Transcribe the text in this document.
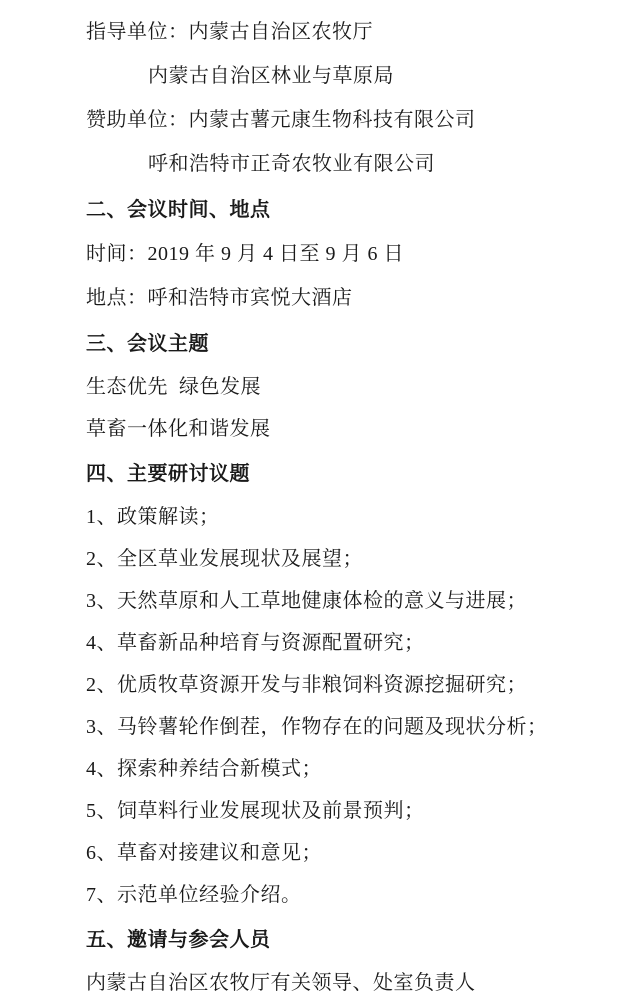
指导单位：内蒙古自治区农牧厅
内蒙古自治区林业与草原局
赞助单位：内蒙古薯元康生物科技有限公司
呼和浩特市正奇农牧业有限公司
二、会议时间、地点
时间：2019 年 9 月 4 日至 9 月 6 日
地点：呼和浩特市宾悦大酒店
三、会议主题
生态优先  绿色发展
草畜一体化和谐发展
四、主要研讨议题
1、政策解读；
2、全区草业发展现状及展望；
3、天然草原和人工草地健康体检的意义与进展；
4、草畜新品种培育与资源配置研究；
2、优质牧草资源开发与非粮饲料资源挖掘研究；
3、马铃薯轮作倒茬，作物存在的问题及现状分析；
4、探索种养结合新模式；
5、饲草料行业发展现状及前景预判；
6、草畜对接建议和意见；
7、示范单位经验介绍。
五、邀请与参会人员
内蒙古自治区农牧厅有关领导、处室负责人
